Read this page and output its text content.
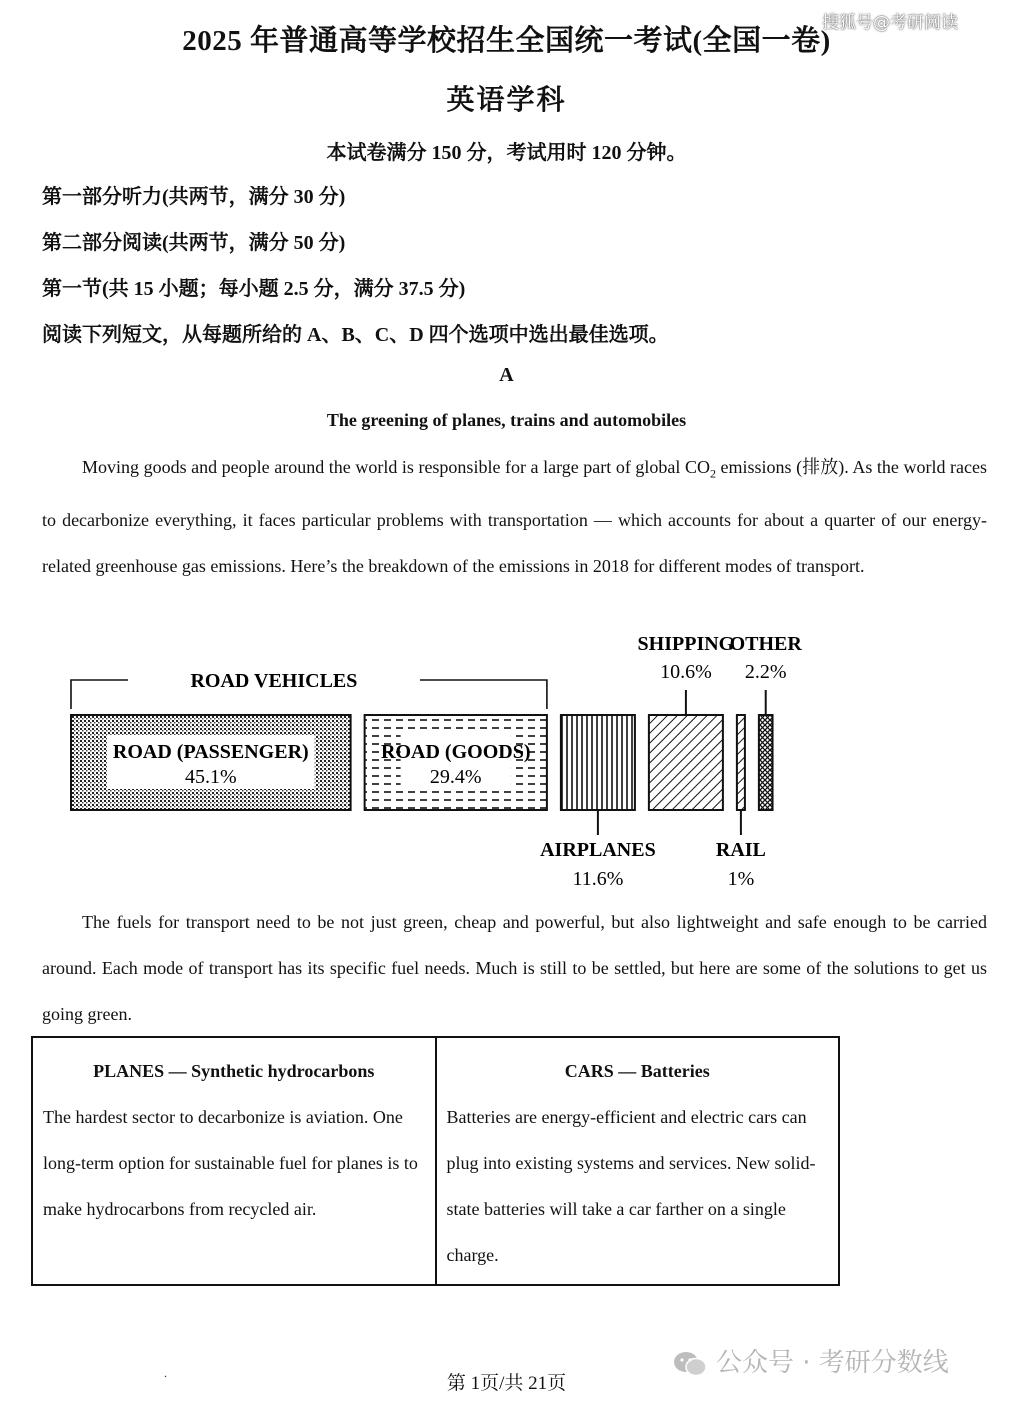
搜狐号@考研阅读
2025 年普通高等学校招生全国统一考试(全国一卷)
英语学科
本试卷满分 150 分，考试用时 120 分钟。
第一部分听力(共两节，满分 30 分)
第二部分阅读(共两节，满分 50 分)
第一节(共 15 小题；每小题 2.5 分，满分 37.5 分)
阅读下列短文，从每题所给的 A、B、C、D 四个选项中选出最佳选项。
A
The greening of planes, trains and automobiles
Moving goods and people around the world is responsible for a large part of global $CO_2$ emissions (排放). As the world races to decarbonize everything, it faces particular problems with transportation — which accounts for about a quarter of our energy-related greenhouse gas emissions. Here’s the breakdown of the emissions in 2018 for different modes of transport.
ROAD (PASSENGER)
45.1%
ROAD (GOODS)
29.4%
AIRPLANES
11.6%
SHIPPING
10.6%
RAIL
1%
OTHER
2.2%
ROAD VEHICLES
The fuels for transport need to be not just green, cheap and powerful, but also lightweight and safe enough to be carried around. Each mode of transport has its specific fuel needs. Much is still to be settled, but here are some of the solutions to get us going green.
PLANES — Synthetic hydrocarbons
The hardest sector to decarbonize is aviation. One long-term option for sustainable fuel for planes is to make hydrocarbons from recycled air.

CARS — Batteries
Batteries are energy-efficient and electric cars can plug into existing systems and services. New solid-state batteries will take a car farther on a single charge.
.	公众号 · 考研分数线
第 1页/共 21页
